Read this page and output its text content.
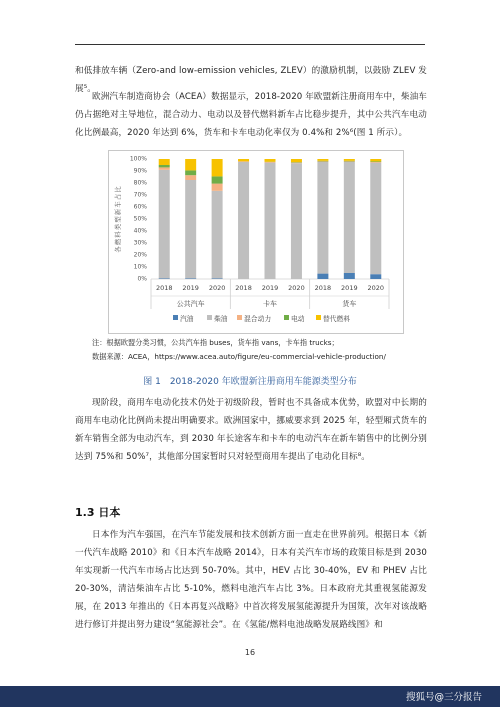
和低排放车辆（Zero-and low-emission vehicles, ZLEV）的激励机制，以鼓励 ZLEV 发展⁵。

欧洲汽车制造商协会（ACEA）数据显示，2018-2020 年欧盟新注册商用车中，柴油车仍占据绝对主导地位，混合动力、电动以及替代燃料新车占比稳步提升，其中公共汽车电动化比例最高，2020 年达到 6%，货车和卡车电动化率仅为 0.4%和 2%⁶(图 1 所示）。

各燃料类型新车占比
0%
10%
20%
30%
40%
50%
60%
70%
80%
90%
100%
2018 2019 2020 2018 2019 2020 2018 2019 2020
公共汽车	卡车	货车
汽油	柴油 混合动力	电动	替代燃料
注：根据欧盟分类习惯，公共汽车指 buses，货车指 vans，卡车指 trucks；
数据来源：ACEA，https://www.acea.auto/figure/eu-commercial-vehicle-production/
图 1　2018-2020 年欧盟新注册商用车能源类型分布

现阶段，商用车电动化技术仍处于初级阶段，暂时也不具备成本优势，欧盟对中长期的商用车电动化比例尚未提出明确要求。欧洲国家中，挪威要求到 2025 年，轻型厢式货车的新车销售全部为电动汽车，到 2030 年长途客车和卡车的电动汽车在新车销售中的比例分别达到 75%和 50%⁷，其他部分国家暂时只对轻型商用车提出了电动化目标⁸。

1.3 日本

日本作为汽车强国，在汽车节能发展和技术创新方面一直走在世界前列。根据日本《新一代汽车战略 2010》和《日本汽车战略 2014》，日本有关汽车市场的政策目标是到 2030 年实现新一代汽车市场占比达到 50-70%。其中，HEV 占比 30-40%，EV 和 PHEV 占比 20-30%，清洁柴油车占比 5-10%，燃料电池汽车占比 3%。日本政府尤其重视氢能源发展，在 2013 年推出的《日本再复兴战略》中首次将发展氢能源提升为国策，次年对该战略进行修订并提出努力建设“氢能源社会”。在《氢能/燃料电池战略发展路线图》和

16
搜狐号@三分报告
